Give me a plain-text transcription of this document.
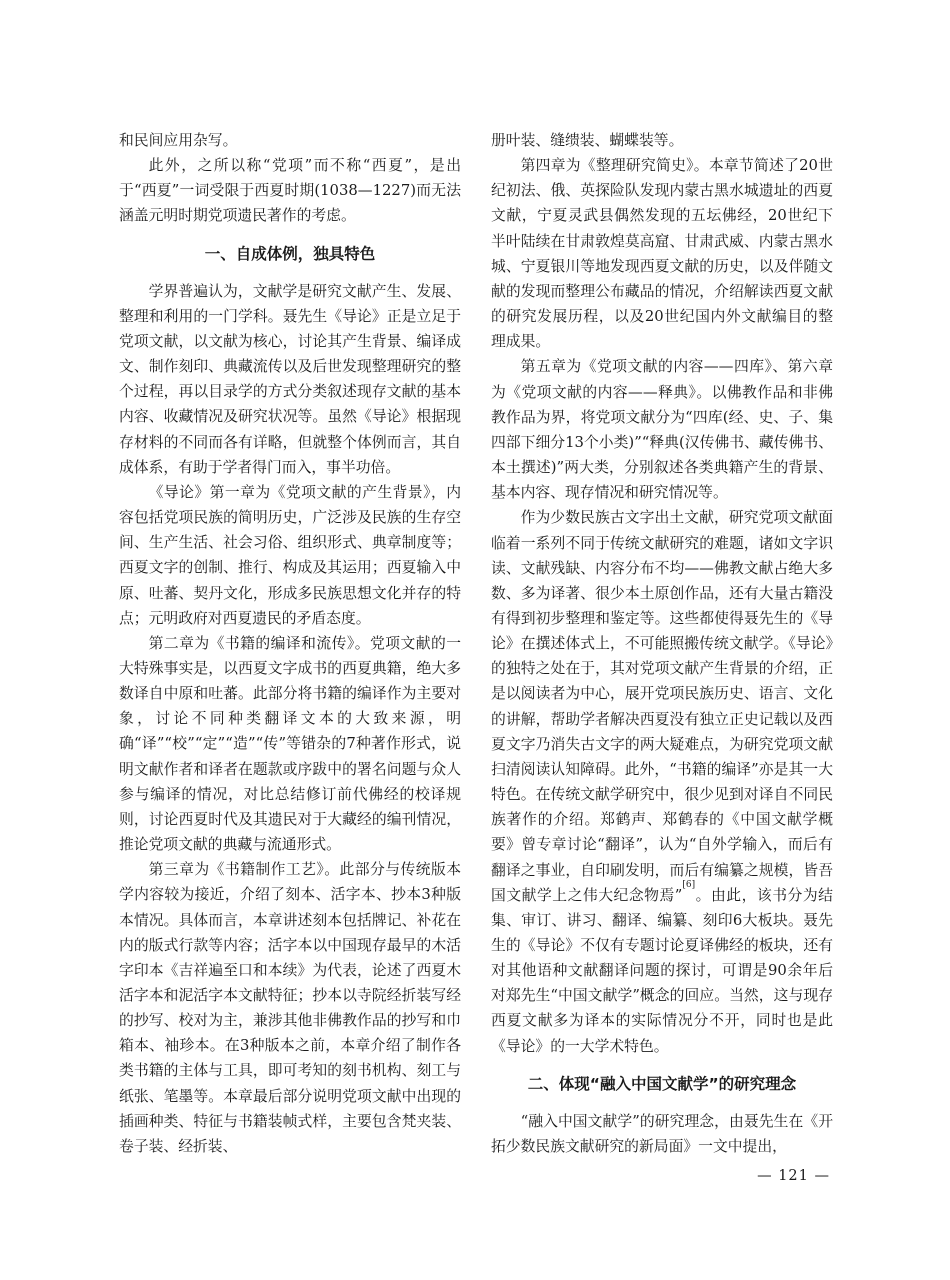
和民间应用杂写。

此外，之所以称“党项”而不称“西夏”，是出于“西夏”一词受限于西夏时期(1038—1227)而无法涵盖元明时期党项遗民著作的考虑。

一、自成体例，独具特色

学界普遍认为，文献学是研究文献产生、发展、整理和利用的一门学科。聂先生《导论》正是立足于党项文献，以文献为核心，讨论其产生背景、编译成文、制作刻印、典藏流传以及后世发现整理研究的整个过程，再以目录学的方式分类叙述现存文献的基本内容、收藏情况及研究状况等。虽然《导论》根据现存材料的不同而各有详略，但就整个体例而言，其自成体系，有助于学者得门而入，事半功倍。

《导论》第一章为《党项文献的产生背景》，内容包括党项民族的简明历史，广泛涉及民族的生存空间、生产生活、社会习俗、组织形式、典章制度等；西夏文字的创制、推行、构成及其运用；西夏输入中原、吐蕃、契丹文化，形成多民族思想文化并存的特点；元明政府对西夏遗民的矛盾态度。

第二章为《书籍的编译和流传》。党项文献的一大特殊事实是，以西夏文字成书的西夏典籍，绝大多数译自中原和吐蕃。此部分将书籍的编译作为主要对象，讨论不同种类翻译文本的大致来源，明确“译”“校”“定”“造”“传”等错杂的7种著作形式，说明文献作者和译者在题款或序跋中的署名问题与众人参与编译的情况，对比总结修订前代佛经的校译规则，讨论西夏时代及其遗民对于大藏经的编刊情况，推论党项文献的典藏与流通形式。

第三章为《书籍制作工艺》。此部分与传统版本学内容较为接近，介绍了刻本、活字本、抄本3种版本情况。具体而言，本章讲述刻本包括牌记、补花在内的版式行款等内容；活字本以中国现存最早的木活字印本《吉祥遍至口和本续》为代表，论述了西夏木活字本和泥活字本文献特征；抄本以寺院经折装写经的抄写、校对为主，兼涉其他非佛教作品的抄写和巾箱本、袖珍本。在3种版本之前，本章介绍了制作各类书籍的主体与工具，即可考知的刻书机构、刻工与纸张、笔墨等。本章最后部分说明党项文献中出现的插画种类、特征与书籍装帧式样，主要包含梵夹装、卷子装、经折装、

册叶装、缝缋装、蝴蝶装等。

第四章为《整理研究简史》。本章节简述了20世纪初法、俄、英探险队发现内蒙古黑水城遗址的西夏文献，宁夏灵武县偶然发现的五坛佛经，20世纪下半叶陆续在甘肃敦煌莫高窟、甘肃武威、内蒙古黑水城、宁夏银川等地发现西夏文献的历史，以及伴随文献的发现而整理公布藏品的情况，介绍解读西夏文献的研究发展历程，以及20世纪国内外文献编目的整理成果。

第五章为《党项文献的内容——四库》、第六章为《党项文献的内容——释典》。以佛教作品和非佛教作品为界，将党项文献分为“四库(经、史、子、集四部下细分13个小类)”“释典(汉传佛书、藏传佛书、本土撰述)”两大类，分别叙述各类典籍产生的背景、基本内容、现存情况和研究情况等。

作为少数民族古文字出土文献，研究党项文献面临着一系列不同于传统文献研究的难题，诸如文字识读、文献残缺、内容分布不均——佛教文献占绝大多数、多为译著、很少本土原创作品，还有大量古籍没有得到初步整理和鉴定等。这些都使得聂先生的《导论》在撰述体式上，不可能照搬传统文献学。《导论》的独特之处在于，其对党项文献产生背景的介绍，正是以阅读者为中心，展开党项民族历史、语言、文化的讲解，帮助学者解决西夏没有独立正史记载以及西夏文字乃消失古文字的两大疑难点，为研究党项文献扫清阅读认知障碍。此外，“书籍的编译”亦是其一大特色。在传统文献学研究中，很少见到对译自不同民族著作的介绍。郑鹤声、郑鹤春的《中国文献学概要》曾专章讨论“翻译”，认为“自外学输入，而后有翻译之事业，自印刷发明，而后有编纂之规模，皆吾国文献学上之伟大纪念物焉”[6]。由此，该书分为结集、审订、讲习、翻译、编纂、刻印6大板块。聂先生的《导论》不仅有专题讨论夏译佛经的板块，还有对其他语种文献翻译问题的探讨，可谓是90余年后对郑先生“中国文献学”概念的回应。当然，这与现存西夏文献多为译本的实际情况分不开，同时也是此《导论》的一大学术特色。

二、体现“融入中国文献学”的研究理念

“融入中国文献学”的研究理念，由聂先生在《开拓少数民族文献研究的新局面》一文中提出，

— 121 —
